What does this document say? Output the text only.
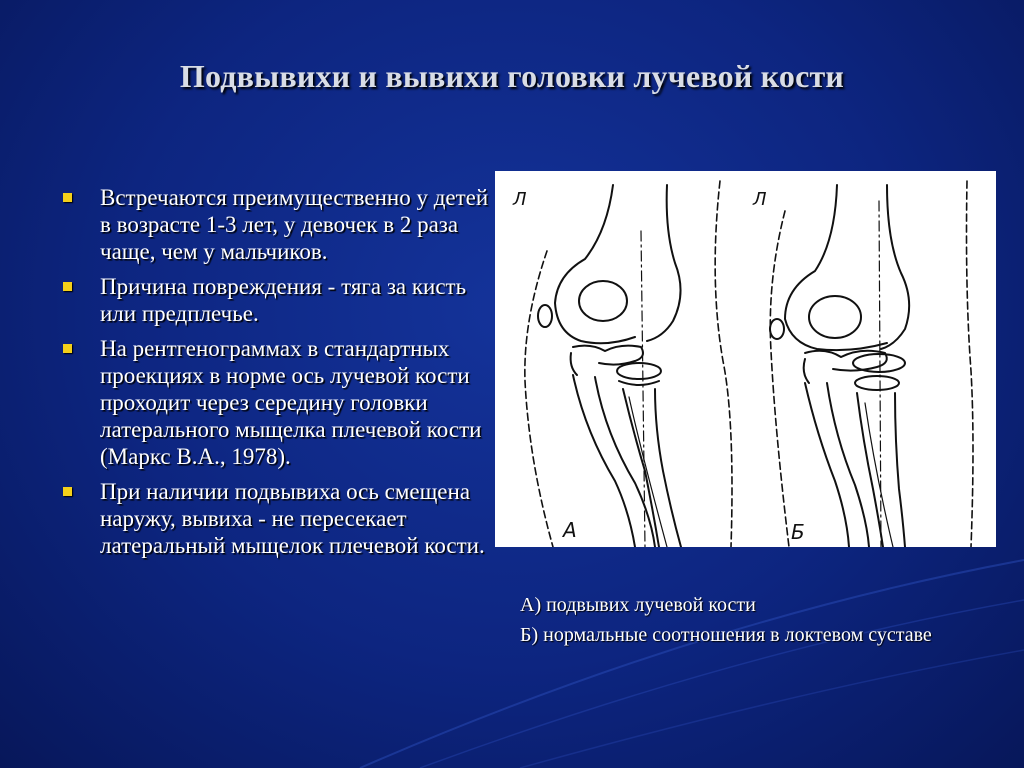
Подвывихи и вывихи головки лучевой кости
Встречаются преимущественно у детей в возрасте 1-3 лет, у девочек в 2 раза чаще, чем у мальчиков.
Причина повреждения - тяга за кисть или предплечье.
На рентгенограммах в стандартных проекциях в норме ось лучевой кости проходит через середину головки латерального мыщелка плечевой кости (Маркс В.А., 1978).
При наличии подвывиха ось смещена наружу, вывиха - не пересекает латеральный мыщелок плечевой кости.
Л
А
Л
Б
А) подвывих лучевой кости
Б) нормальные соотношения в локтевом суставе
